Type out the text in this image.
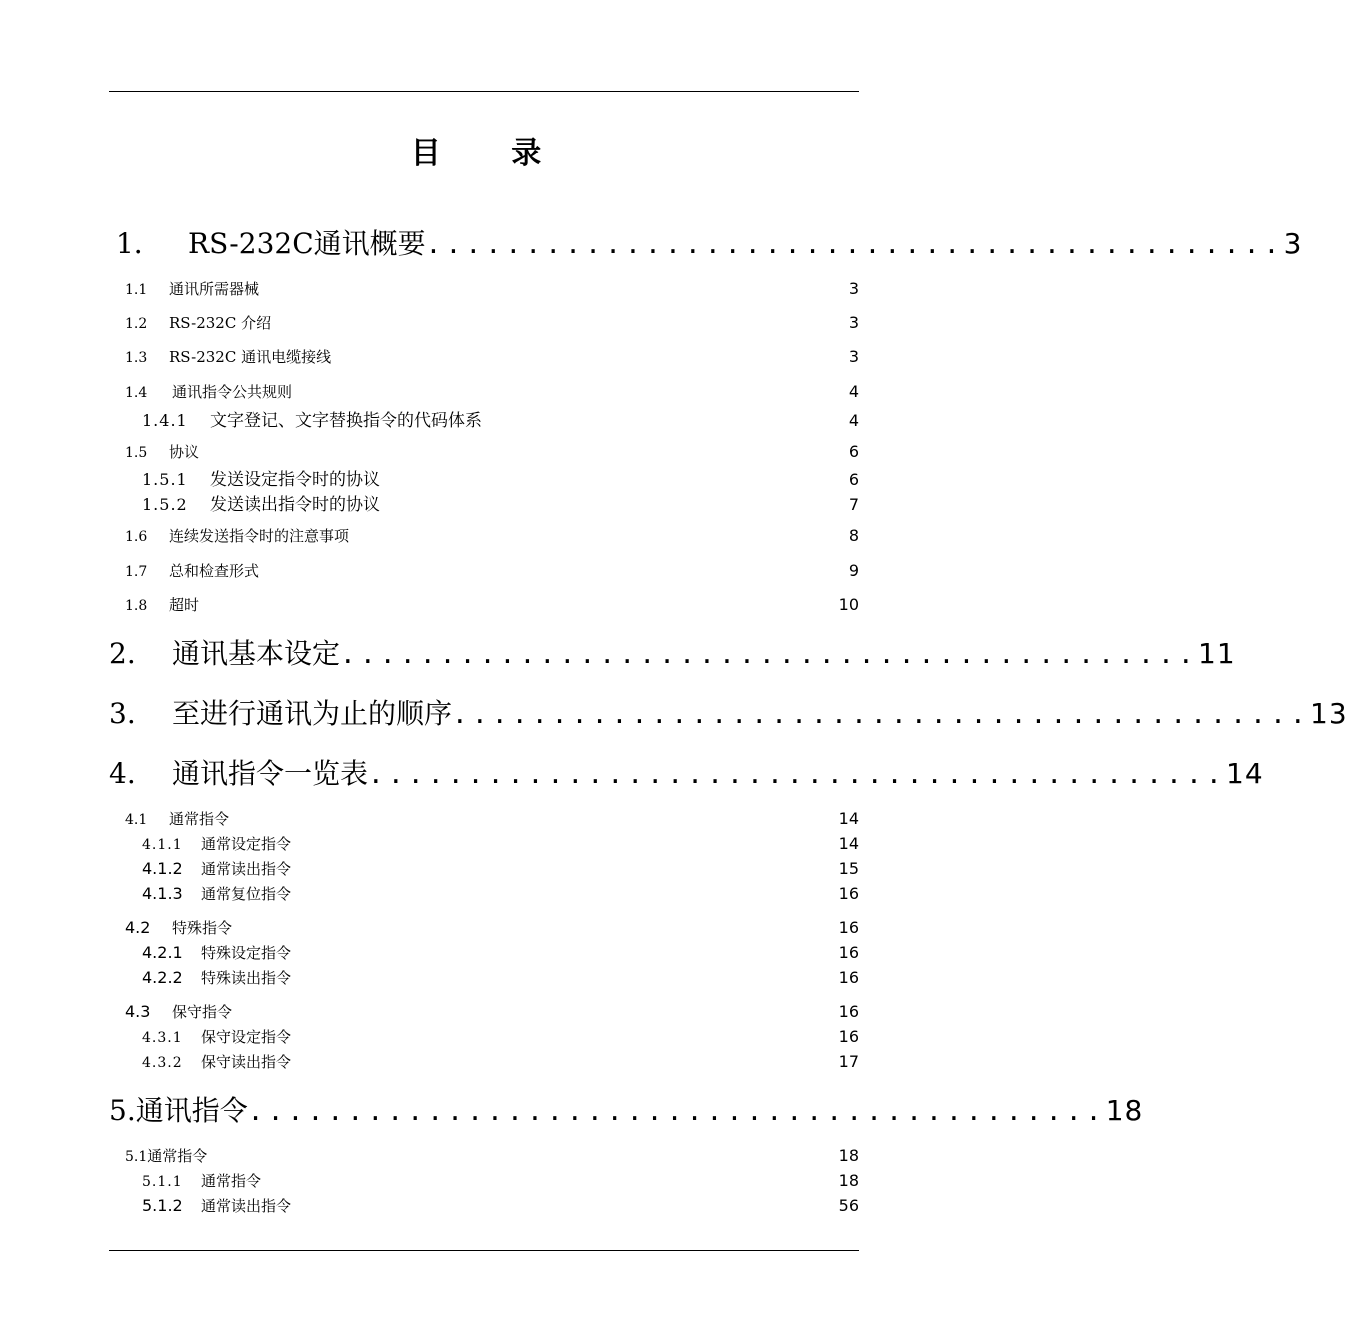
目 录
1． RS-232C通讯概要 ........................................... 3
1.1	通讯所需器械	3
1.2	RS-232C 介绍	3
1.3	RS-232C 通讯电缆接线	3
1.4	通讯指令公共规则	4
1.4.1	文字登记、文字替换指令的代码体系	4
1.5	协议	6
1.5.1	发送设定指令时的协议	6
1.5.2	发送读出指令时的协议	7
1.6	连续发送指令时的注意事项	8
1.7	总和检查形式	9
1.8	超时	10
2.	通讯基本设定 ........................................... 11
3.	至进行通讯为止的顺序 ........................................... 13
4.	通讯指令一览表 ........................................... 14
4.1	通常指令	14
4.1.1	通常设定指令	14
4.1.2	通常读出指令	15
4.1.3	通常复位指令	16
4.2	特殊指令	16
4.2.1	特殊设定指令	16
4.2.2	特殊读出指令	16
4.3	保守指令	16
4.3.1	保守设定指令	16
4.3.2	保守读出指令	17
5. 通讯指令 ........................................... 18
5.1 通常指令	18
5.1.1	通常指令	18
5.1.2	通常读出指令	56
